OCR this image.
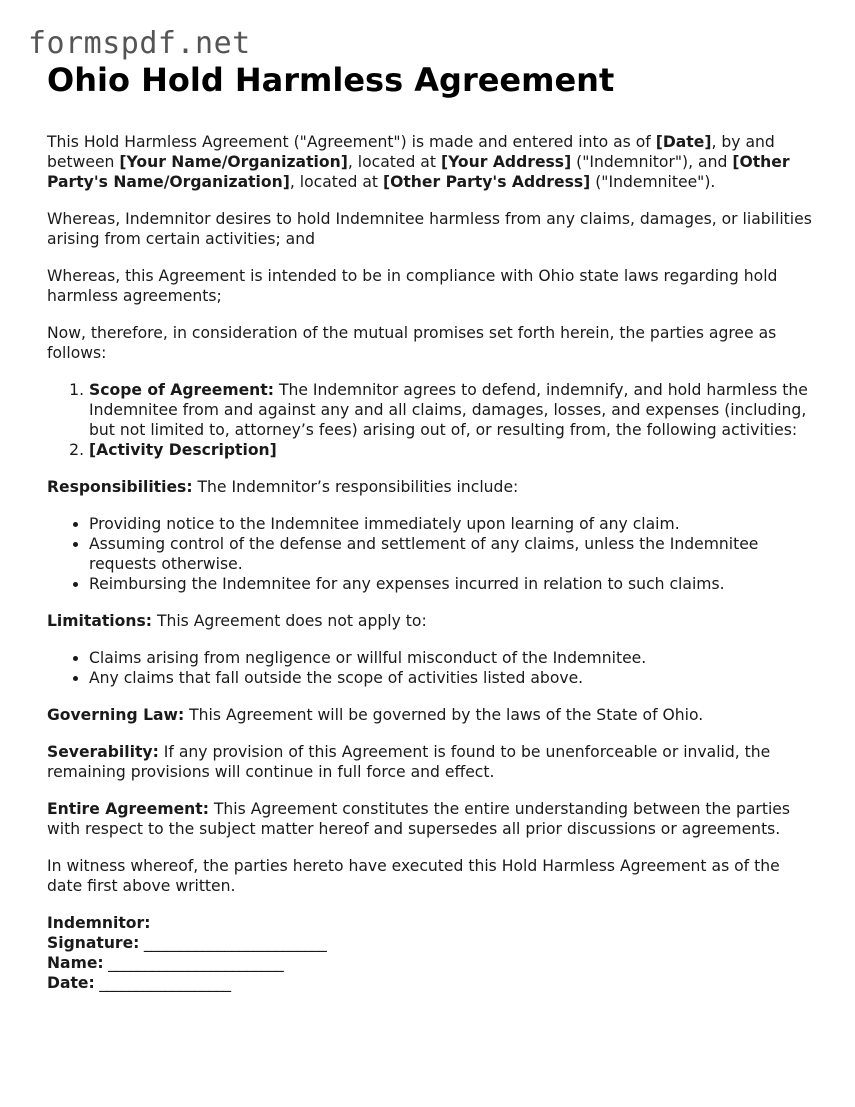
formspdf.net
Ohio Hold Harmless Agreement

This Hold Harmless Agreement ("Agreement") is made and entered into as of [Date], by and between [Your Name/Organization], located at [Your Address] ("Indemnitor"), and [Other Party's Name/Organization], located at [Other Party's Address] ("Indemnitee").

Whereas, Indemnitor desires to hold Indemnitee harmless from any claims, damages, or liabilities arising from certain activities; and

Whereas, this Agreement is intended to be in compliance with Ohio state laws regarding hold harmless agreements;

Now, therefore, in consideration of the mutual promises set forth herein, the parties agree as follows:

1. Scope of Agreement: The Indemnitor agrees to defend, indemnify, and hold harmless the Indemnitee from and against any and all claims, damages, losses, and expenses (including, but not limited to, attorney’s fees) arising out of, or resulting from, the following activities:
2. [Activity Description]

Responsibilities: The Indemnitor’s responsibilities include:

• Providing notice to the Indemnitee immediately upon learning of any claim.
• Assuming control of the defense and settlement of any claims, unless the Indemnitee requests otherwise.
• Reimbursing the Indemnitee for any expenses incurred in relation to such claims.

Limitations: This Agreement does not apply to:

• Claims arising from negligence or willful misconduct of the Indemnitee.
• Any claims that fall outside the scope of activities listed above.

Governing Law: This Agreement will be governed by the laws of the State of Ohio.

Severability: If any provision of this Agreement is found to be unenforceable or invalid, the remaining provisions will continue in full force and effect.

Entire Agreement: This Agreement constitutes the entire understanding between the parties with respect to the subject matter hereof and supersedes all prior discussions or agreements.

In witness whereof, the parties hereto have executed this Hold Harmless Agreement as of the date first above written.

Indemnitor:
Signature: _________________________
Name: ________________________
Date: __________________
